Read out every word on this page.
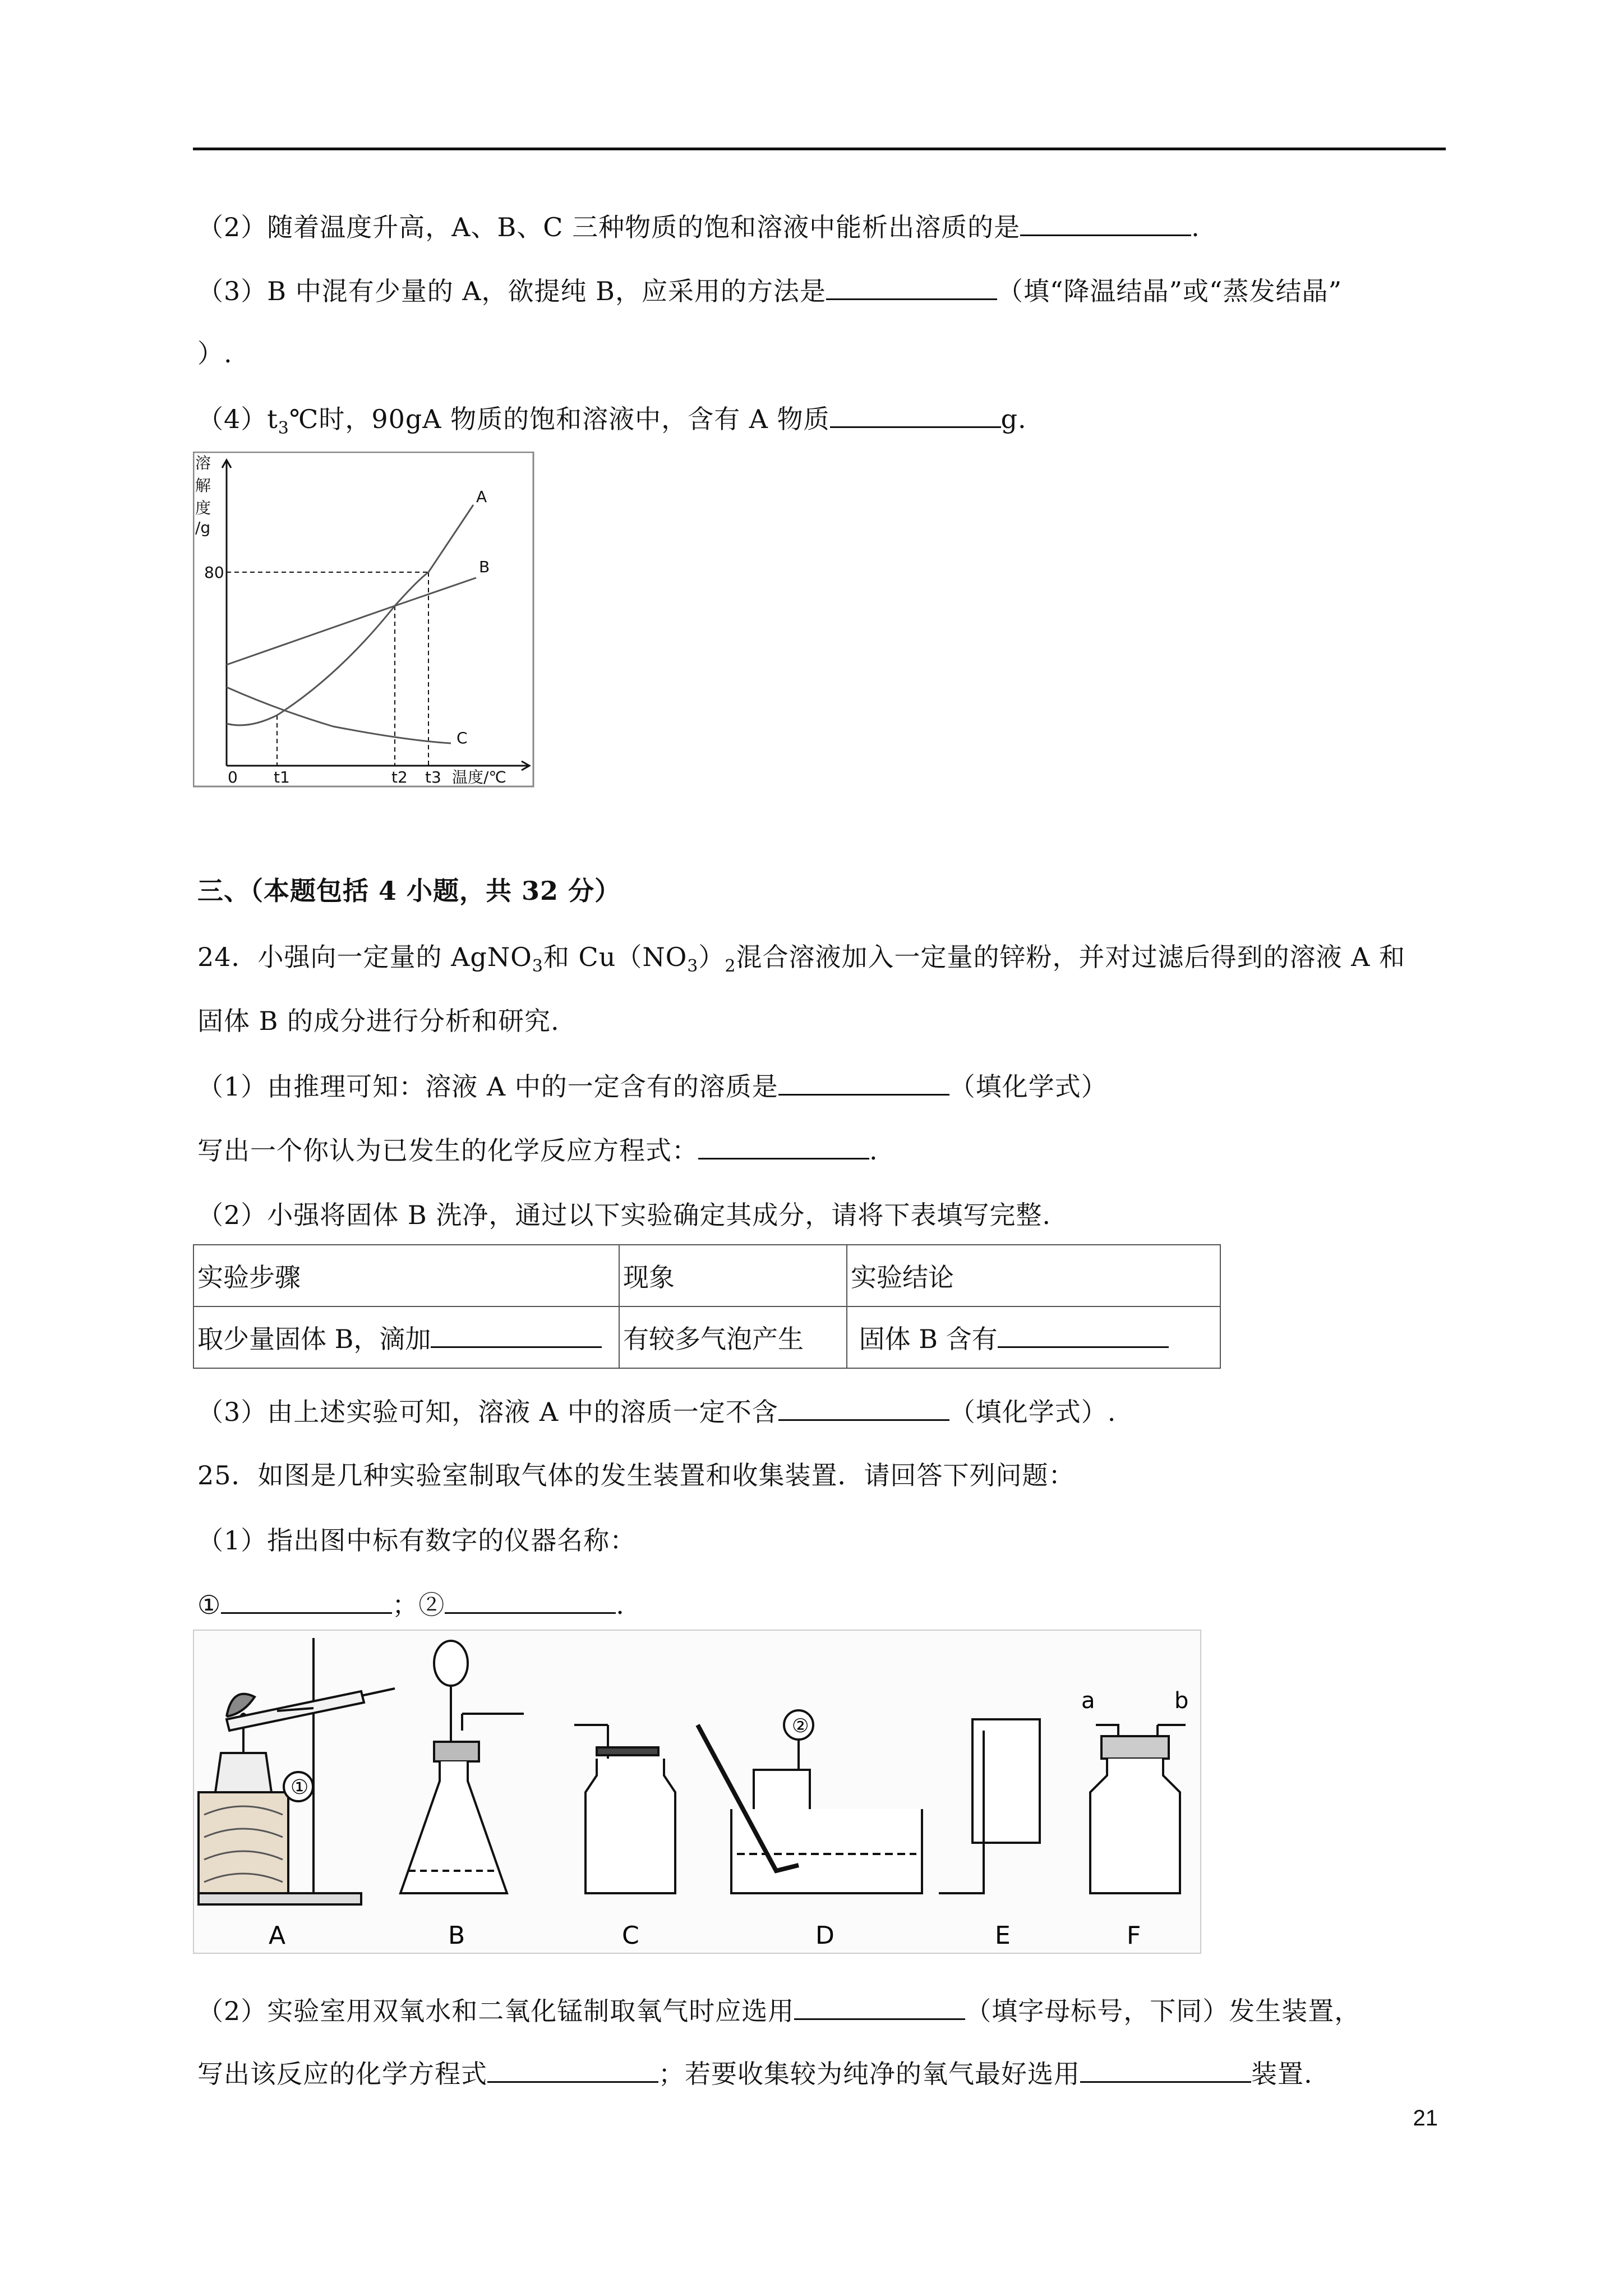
（2）随着温度升高，A、B、C 三种物质的饱和溶液中能析出溶质的是	.
（3）B 中混有少量的 A，欲提纯 B，应采用的方法是	（填“降温结晶”或“蒸发结晶”
）.
$(4)t_3℃$时，90gA 物质的饱和溶液中，含有 A 物质	g.
溶
解
度
/g
0 t1	t2 t3 温度/℃
80
A
B
C
三、（本题包括 4 小题，共 32 分）
24．小强向一定量的 AgNO$_3$和 $Cu(NO_3)_2$混合溶液加入一定量的锌粉，并对过滤后得到的溶液 A 和
固体 B 的成分进行分析和研究.
（1）由推理可知：溶液 A 中的一定含有的溶质是	（填化学式）
写出一个你认为已发生的化学反应方程式：	.
（2）小强将固体 B 洗净，通过以下实验确定其成分，请将下表填写完整.
实验步骤	现象	实验结论
取少量固体 B，滴加	有较多气泡产生	固体 B 含有
（3）由上述实验可知，溶液 A 中的溶质一定不含	（填化学式）.
25．如图是几种实验室制取气体的发生装置和收集装置．请回答下列问题：
（1）指出图中标有数字的仪器名称：
①	；②	.
①
②
a	b
A	B	C	D	E	F
（2）实验室用双氧水和二氧化锰制取氧气时应选用	（填字母标号，下同）发生装置，
写出该反应的化学方程式	；若要收集较为纯净的氧气最好选用	装置.
21
